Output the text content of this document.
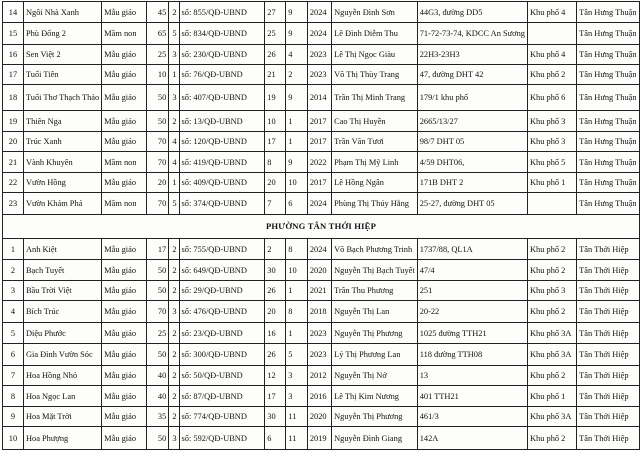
14	Ngôi Nhà Xanh	Mẫu giáo	45	2	số: 855/QĐ-UBND	27	9	2024	Nguyễn Đình Sơn	44G3, đường DD5	Khu phố 4	Tân Hưng Thuận
15	Phù Đổng 2	Mầm non	65	5	số: 834/QĐ-UBND	25	9	2024	Lê Đình Diễm Thu	71-72-73-74, KDCC An Sương		Tân Hưng Thuận
16	Sen Việt 2	Mẫu giáo	25	3	số: 230/QĐ-UBND	26	4	2023	Lê Thị Ngọc Giàu	22H3-23H3	Khu phố 4	Tân Hưng Thuận
17	Tuổi Tiên	Mẫu giáo	10	1	số: 76/QĐ-UBND	21	2	2023	Võ Thị Thùy Trang	47, đường DHT 42	Khu phố 2	Tân Hưng Thuận
18	Tuổi Thơ Thạch Thảo	Mẫu giáo	50	3	số: 407/QĐ-UBND	19	9	2014	Trần Thị Minh Trang	179/1 khu phố	Khu phố 6	Tân Hưng Thuận
19	Thiên Nga	Mẫu giáo	50	2	số: 13/QĐ-UBND	10	1	2017	Cao Thị Huyền	2665/13/27	Khu phố 3	Tân Hưng Thuận
20	Trúc Xanh	Mẫu giáo	70	4	số: 120/QĐ-UBND	17	1	2017	Trần Văn Tươi	98/7 DHT 05	Khu phố 3	Tân Hưng Thuận
21	Vành Khuyên	Mầm non	70	4	số: 419/QĐ-UBND	8	9	2022	Phạm Thị Mỹ Linh	4/59 DHT06,	Khu phố 5	Tân Hưng Thuận
22	Vườn Hồng	Mẫu giáo	20	1	số: 409/QĐ-UBND	20	10	2017	Lê Hồng Ngân	171B DHT 2	Khu phố 1	Tân Hưng Thuận
23	Vườn Khám Phá	Mầm non	70	5	số: 374/QĐ-UBND	7	6	2024	Phùng Thị Thúy Hằng	25-27, đường DHT 05		Tân Hưng Thuận
PHƯỜNG TÂN THỚI HIỆP												
1	Anh Kiệt	Mẫu giáo	17	2	số: 755/QĐ-UBND	2	8	2024	Võ Bạch Phương Trinh	1737/88, QL1A	Khu phố 2	Tân Thới Hiệp
2	Bạch Tuyết	Mẫu giáo	50	2	số: 649/QĐ-UBND	30	10	2020	Nguyễn Thị Bạch Tuyết	47/4	Khu phố 2	Tân Thới Hiệp
3	Bầu Trời Việt	Mẫu giáo	50	2	số: 29/QĐ-UBND	26	1	2021	Trần Thu Phương	251	Khu phố 3	Tân Thới Hiệp
4	Bích Trúc	Mẫu giáo	70	3	số: 476/QĐ-UBND	20	8	2018	Nguyễn Thị Lan	20-22	Khu phố 2	Tân Thới Hiệp
5	Diệu Phước	Mẫu giáo	25	2	số: 23/QĐ-UBND	16	1	2023	Nguyễn Thị Phương	1025 đường TTH21	Khu phố 3A	Tân Thới Hiệp
6	Gia Đình Vườn Sóc	Mẫu giáo	50	2	số: 300/QĐ-UBND	26	5	2023	Lý Thị Phương Lan	118 đường TTH08	Khu phố 3A	Tân Thới Hiệp
7	Hoa Hồng Nhỏ	Mẫu giáo	40	2	số: 50/QĐ-UBND	12	3	2012	Nguyễn Thị Nở	13	Khu phố 2	Tân Thới Hiệp
8	Hoa Ngọc Lan	Mẫu giáo	40	2	số: 87/QĐ-UBND	17	3	2016	Lê Thị Kim Nương	401 TTH21	Khu phố 1	Tân Thới Hiệp
9	Hoa Mặt Trời	Mẫu giáo	35	2	số: 774/QĐ-UBND	30	11	2020	Nguyễn Thị Phương	461/3	Khu phố 3A	Tân Thới Hiệp
10	Hoa Phượng	Mẫu giáo	50	3	số: 592/QĐ-UBND	6	11	2019	Nguyễn Đình Giang	142A	Khu phố 2	Tân Thới Hiệp
